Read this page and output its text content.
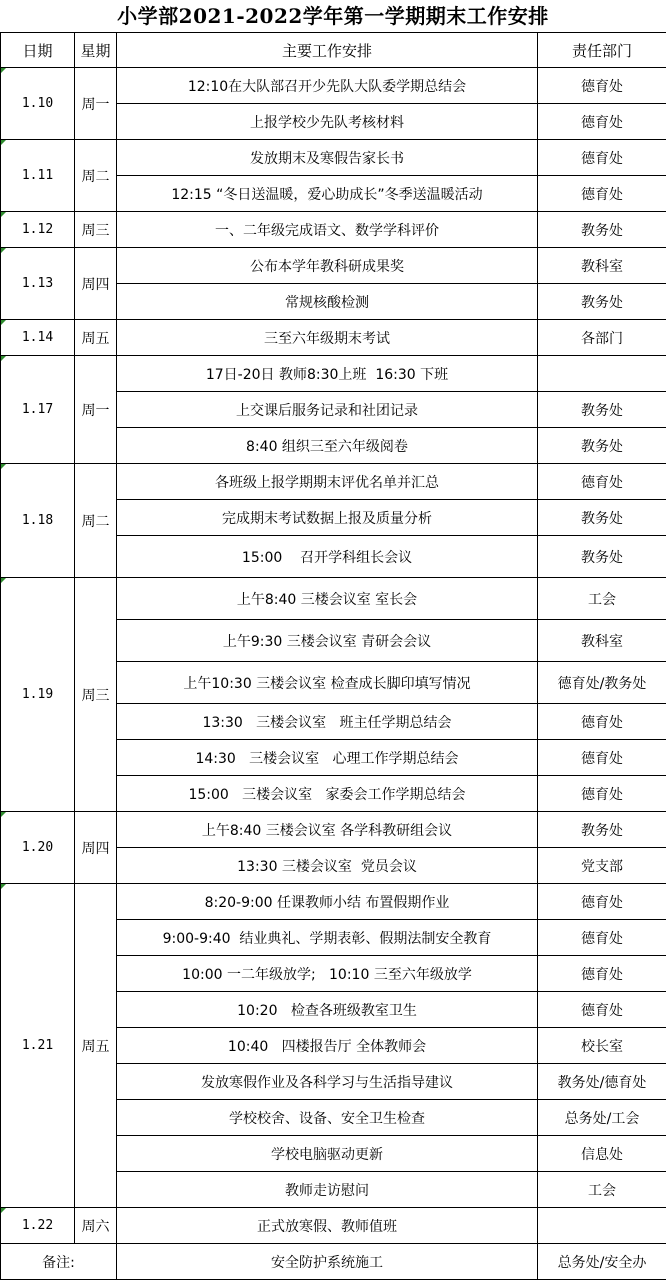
小学部2021-2022学年第一学期期末工作安排
日期	星期	主要工作安排	责任部门
1.10	周一	12:10在大队部召开少先队大队委学期总结会	德育处
		上报学校少先队考核材料	德育处
1.11	周二	发放期末及寒假告家长书	德育处
		12:15 “冬日送温暖，爱心助成长”冬季送温暖活动	德育处
1.12	周三	一、二年级完成语文、数学学科评价	教务处
1.13	周四	公布本学年教科研成果奖	教科室
		常规核酸检测	教务处
1.14	周五	三至六年级期末考试	各部门
1.17	周一	17日-20日 教师8:30上班  16:30 下班	
		上交课后服务记录和社团记录	教务处
		8:40 组织三至六年级阅卷	教务处
1.18	周二	各班级上报学期期末评优名单并汇总	德育处
		完成期末考试数据上报及质量分析	教务处
		15:00    召开学科组长会议	教务处
1.19	周三	上午8:40 三楼会议室 室长会	工会
		上午9:30 三楼会议室 青研会会议	教科室
		上午10:30 三楼会议室 检查成长脚印填写情况	德育处/教务处
		13:30   三楼会议室   班主任学期总结会	德育处
		14:30   三楼会议室   心理工作学期总结会	德育处
		15:00   三楼会议室   家委会工作学期总结会	德育处
1.20	周四	上午8:40 三楼会议室 各学科教研组会议	教务处
		13:30 三楼会议室  党员会议	党支部
1.21	周五	8:20-9:00 任课教师小结 布置假期作业	德育处
		9:00-9:40  结业典礼、学期表彰、假期法制安全教育	德育处
		10:00 一二年级放学;   10:10 三至六年级放学	德育处
		10:20   检查各班级教室卫生	德育处
		10:40   四楼报告厅 全体教师会	校长室
		发放寒假作业及各科学习与生活指导建议	教务处/德育处
		学校校舍、设备、安全卫生检查	总务处/工会
		学校电脑驱动更新	信息处
		教师走访慰问	工会
1.22	周六	正式放寒假、教师值班	
备注:		安全防护系统施工	总务处/安全办
